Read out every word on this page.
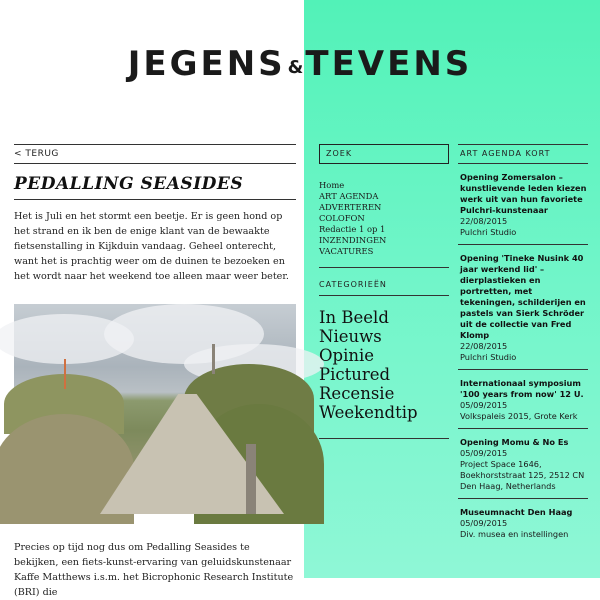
JEGENS &TEVENS
< TERUG
PEDALLING SEASIDES

Het is Juli en het stormt een beetje. Er is geen hond op het strand en ik ben de enige klant van de bewaakte fietsenstalling in Kijkduin vandaag. Geheel onterecht, want het is prachtig weer om de duinen te bezoeken en het wordt naar het weekend toe alleen maar weer beter.

Precies op tijd nog dus om Pedalling Seasides te bekijken, een fiets-kunst-ervaring van geluidskunstenaar Kaffe Matthews i.s.m. het Bicrophonic Research Institute (BRI) die

ZOEK
Home
ART AGENDA
ADVERTEREN
COLOFON
Redactie 1 op 1
INZENDINGEN
VACATURES
CATEGORIEËN
In Beeld
Nieuws
Opinie
Pictured
Recensie
Weekendtip
ART AGENDA KORT
Opening Zomersalon – kunstlievende leden kiezen werk uit van hun favoriete Pulchri-kunstenaar
22/08/2015
Pulchri Studio
Opening 'Tineke Nusink 40 jaar werkend lid' – dierplastieken en portretten, met tekeningen, schilderijen en pastels van Sierk Schröder uit de collectie van Fred Klomp
22/08/2015
Pulchri Studio
Internationaal symposium '100 years from now' 12 U.
05/09/2015
Volkspaleis 2015, Grote Kerk
Opening Momu & No Es
05/09/2015
Project Space 1646, Boekhorststraat 125, 2512 CN Den Haag, Netherlands
Museumnacht Den Haag
05/09/2015
Div. musea en instellingen
